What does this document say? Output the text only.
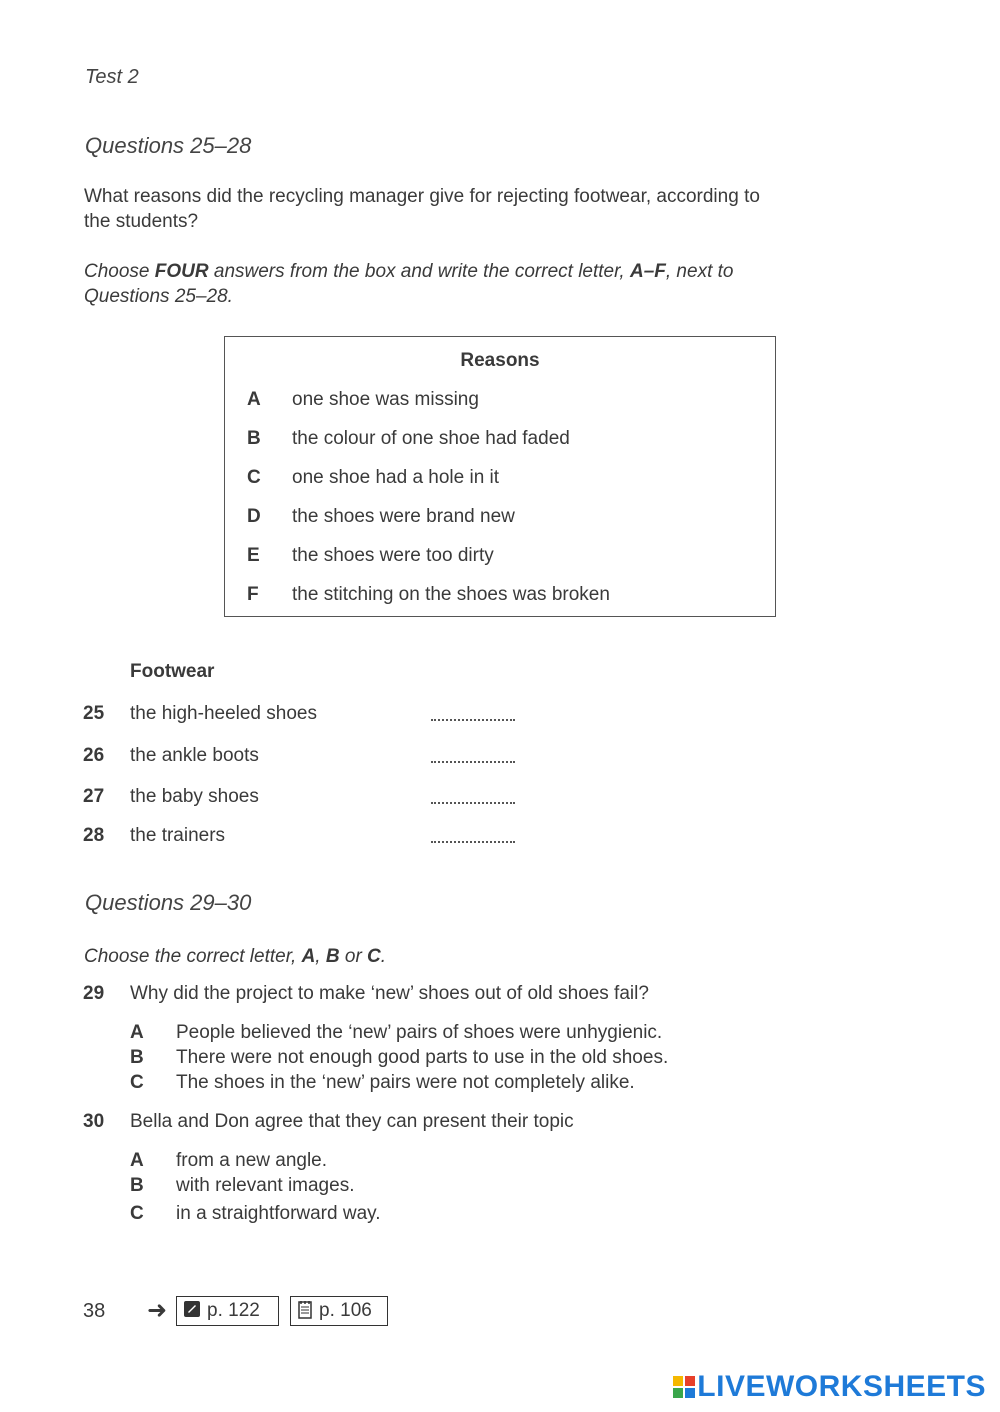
Test 2
Questions 25–28
What reasons did the recycling manager give for rejecting footwear, according to
the students?
Choose FOUR answers from the box and write the correct letter, A–F, next to
Questions 25–28.
Reasons
A one shoe was missing
B the colour of one shoe had faded
C one shoe had a hole in it
D the shoes were brand new
E the shoes were too dirty
F the stitching on the shoes was broken
Footwear
25 the high-heeled shoes
26 the ankle boots
27 the baby shoes
28 the trainers
Questions 29–30
Choose the correct letter, A, B or C.
29 Why did the project to make ‘new’ shoes out of old shoes fail?
A People believed the ‘new’ pairs of shoes were unhygienic.
B There were not enough good parts to use in the old shoes.
C The shoes in the ‘new’ pairs were not completely alike.
30 Bella and Don agree that they can present their topic
A from a new angle.
B with relevant images.
C in a straightforward way.
38 ➜	p. 122	p. 106
LIVEWORKSHEETS
